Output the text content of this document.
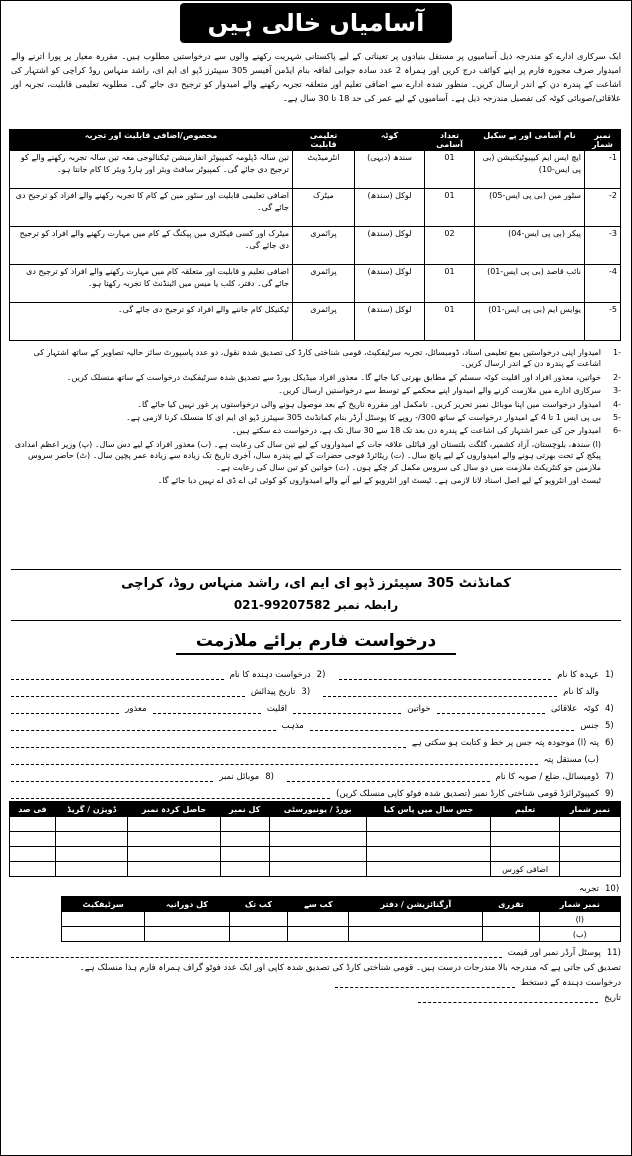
آسامیاں خالی ہیں
ایک سرکاری ادارے کو مندرجہ ذیل آسامیوں پر مستقل بنیادوں پر تعیناتی کے لیے پاکستانی شہریت رکھنے والوں سے درخواستیں مطلوب ہیں۔ مقررہ معیار پر پورا اترنے والے امیدوار صرف مجوزہ فارم پر اپنے کوائف درج کریں اور ہمراہ 2 عدد سادہ جوابی لفافہ بنام ایڈمن آفیسر 305 سپیئرز ڈپو ای ایم ای، راشد منہاس روڈ کراچی کو اشتہار کی اشاعت کے پندرہ دن کے اندر ارسال کریں۔ منظور شدہ ادارے سے اضافی تعلیم اور متعلقہ تجربہ رکھنے والے امیدوار کو ترجیح دی جائے گی۔ مطلوبہ تعلیمی قابلیت، تجربہ اور علاقائی/صوبائی کوٹہ کی تفصیل مندرجہ ذیل ہے۔ آسامیوں کے لیے عمر کی حد 18 تا 30 سال ہے۔
نمبر شمار	نام آسامی اور پے سکیل	تعداد آسامی	کوٹہ	تعلیمی قابلیت	مخصوص/اضافی قابلیت اور تجربہ
1-	ایچ ایس ایم کیپیوٹیکنیشن (بی پی ایس-10)	01	سندھ (دیہی)	انٹرمیڈیٹ	تین سالہ ڈپلومہ کمپیوٹر انفارمیشن ٹیکنالوجی معہ تین سالہ تجربہ رکھنے والے کو ترجیح دی جائے گی۔ کمپیوٹر سافٹ ویئر اور ہارڈ ویئر کا کام جانتا ہو۔
2-	سٹور مین (بی پی ایس-05)	01	لوکل (سندھ)	میٹرک	اضافی تعلیمی قابلیت اور سٹور مین کے کام کا تجربہ رکھنے والے افراد کو ترجیح دی جائے گی۔
3-	پیکر (بی پی ایس-04)	02	لوکل (سندھ)	پرائمری	میٹرک اور کسی فیکٹری میں پیکنگ کے کام میں مہارت رکھنے والے افراد کو ترجیح دی جائے گی۔
4-	نائب قاصد (بی پی ایس-01)	01	لوکل (سندھ)	پرائمری	اضافی تعلیم و قابلیت اور متعلقہ کام میں مہارت رکھنے والے افراد کو ترجیح دی جائے گی۔ دفتر، کلب یا میس میں اٹینڈنٹ کا تجربہ رکھتا ہو۔
5-	یوایس ایم (بی پی ایس-01)	01	لوکل (سندھ)	پرائمری	ٹیکنیکل کام جاننے والے افراد کو ترجیح دی جائے گی۔
-1
امیدوار اپنی درخواستیں بمع تعلیمی اسناد، ڈومیسائل، تجربہ سرٹیفکیٹ، قومی شناختی کارڈ کی تصدیق شدہ نقول، دو عدد پاسپورٹ سائز حالیہ تصاویر کے ساتھ اشتہار کی اشاعت کے پندرہ دن کے اندر ارسال کریں۔
-2
خواتین، معذور افراد اور اقلیت کوٹہ سسٹم کے مطابق بھرتی کیا جائے گا۔ معذور افراد میڈیکل بورڈ سے تصدیق شدہ سرٹیفکیٹ درخواست کے ساتھ منسلک کریں۔
-3
سرکاری ادارے میں ملازمت کرنے والے امیدوار اپنے محکمے کے توسط سے درخواستیں ارسال کریں۔
-4
امیدوار درخواست میں اپنا موبائل نمبر تحریر کریں۔ نامکمل اور مقررہ تاریخ کے بعد موصول ہونے والی درخواستوں پر غور نہیں کیا جائے گا۔
-5
بی پی ایس 1 تا 4 کے امیدوار درخواست کے ساتھ 300/- روپے کا پوسٹل آرڈر بنام کمانڈنٹ 305 سپیئرز ڈپو ای ایم ای کا منسلک کرنا لازمی ہے۔
-6
امیدوار جن کی عمر اشتہار کی اشاعت کے پندرہ دن بعد تک 18 سے 30 سال تک ہے، درخواست دے سکتے ہیں۔
(ا) سندھ، بلوچستان، آزاد کشمیر، گلگت بلتستان اور قبائلی علاقہ جات کے امیدواروں کے لیے تین سال کی رعایت ہے۔ (ب) معذور افراد کے لیے دس سال۔ (پ) وزیر اعظم امدادی پیکج کے تحت بھرتی ہونے والے امیدواروں کے لیے پانچ سال۔ (ت) ریٹائرڈ فوجی حضرات کے لیے پندرہ سال، آخری تاریخ تک زیادہ سے زیادہ عمر پچپن سال۔ (ٹ) حاضر سروس ملازمین جو کنٹریکٹ ملازمت میں دو سال کی سروس مکمل کر چکے ہوں۔ (ث) خواتین کو تین سال کی رعایت ہے۔
ٹیسٹ اور انٹرویو کے لیے اصل اسناد لانا لازمی ہے۔ ٹیسٹ اور انٹرویو کے لیے آنے والے امیدواروں کو کوئی ٹی اے ڈی اے نہیں دیا جائے گا۔
کمانڈنٹ 305 سپیئرز ڈپو ای ایم ای، راشد منہاس روڈ، کراچی
رابطہ نمبر 021-99207582
درخواست فارم برائے ملازمت
(1
عہدہ کا نام
(2
درخواست دہندہ کا نام
والد کا نام
(3
تاریخ پیدائش
(4
کوٹہ
علاقائی
خواتین
اقلیت
معذور
(5
جنس
مذہب
(6
پتہ (ا) موجودہ پتہ جس پر خط و کتابت ہو سکتی ہے
(ب) مستقل پتہ
(7
ڈومیسائل، ضلع / صوبہ کا نام
(8
موبائل نمبر
(9
کمپیوٹرائزڈ قومی شناختی کارڈ نمبر (تصدیق شدہ فوٹو کاپی منسلک کریں)
نمبر شمار	تعلیم	جس سال میں پاس کیا	بورڈ / یونیورسٹی	کل نمبر	حاصل کردہ نمبر	ڈویژن / گریڈ	فی صد

	اضافی کورس						
(10
تجربہ
نمبر شمار	تقرری	آرگنائزیشن / دفتر	کب سے	کب تک	کل دورانیہ	سرٹیفکیٹ
(ا)						
(ب)						
(11
پوسٹل آرڈر نمبر اور قیمت
تصدیق کی جاتی ہے کہ مندرجہ بالا مندرجات درست ہیں۔ قومی شناختی کارڈ کی تصدیق شدہ کاپی اور ایک عدد فوٹو گراف ہمراہ فارم ہذا منسلک ہے۔
درخواست دہندہ کے دستخط
تاریخ
